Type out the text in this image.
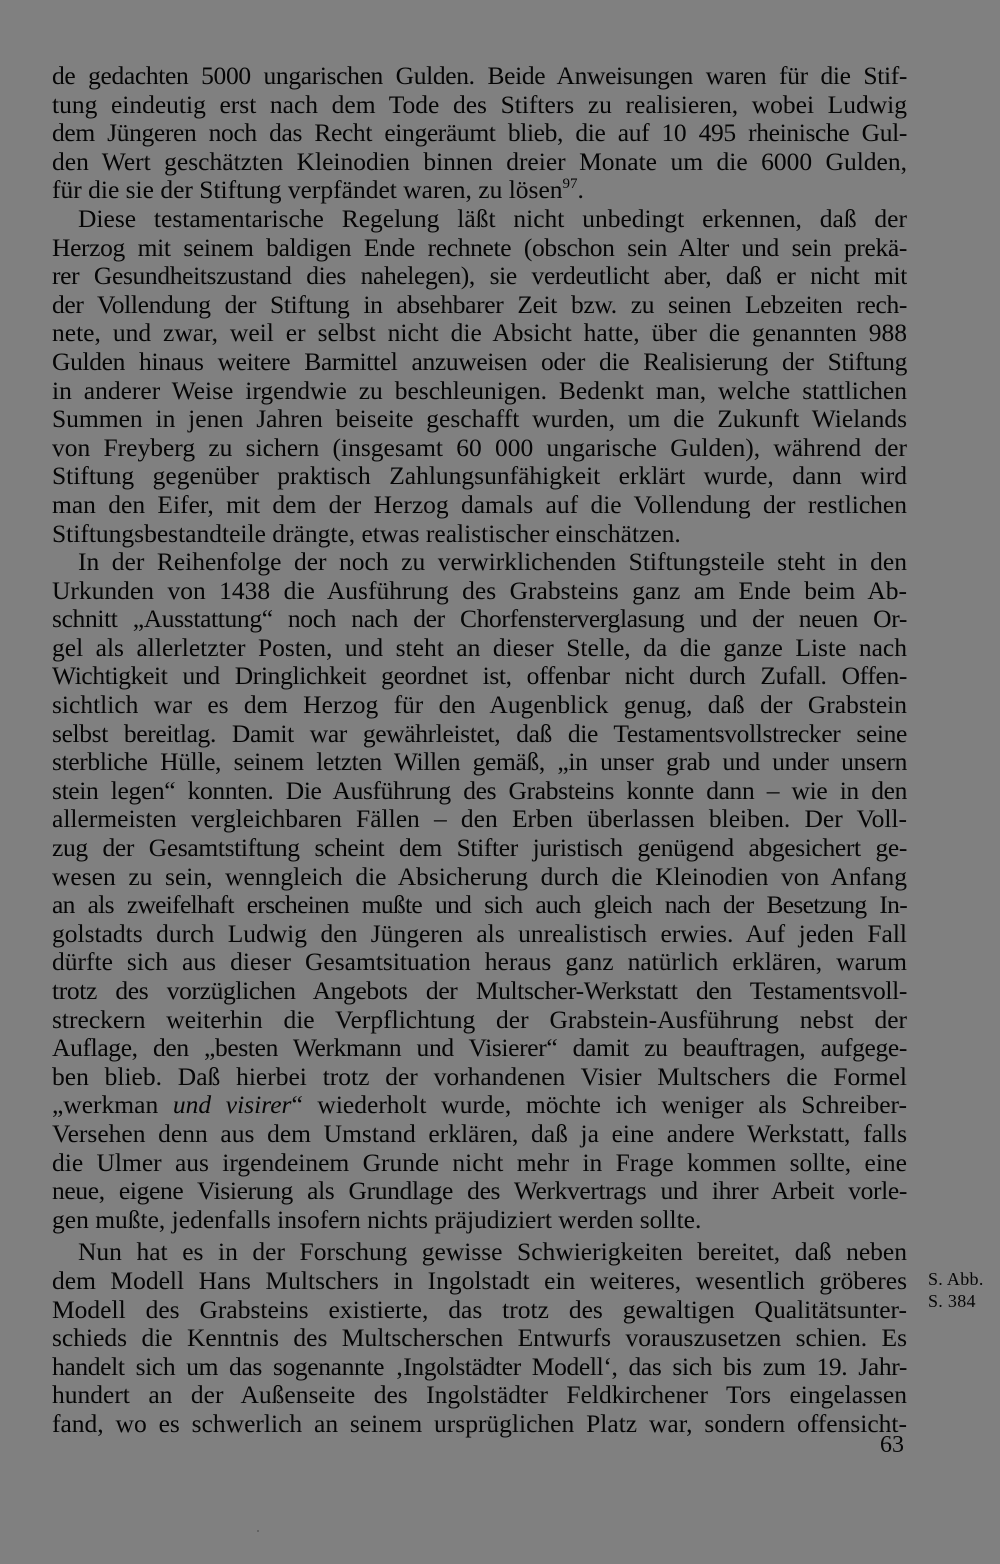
de gedachten 5000 ungarischen Gulden. Beide Anweisungen waren für die Stif-
tung eindeutig erst nach dem Tode des Stifters zu realisieren, wobei Ludwig
dem Jüngeren noch das Recht eingeräumt blieb, die auf 10 495 rheinische Gul-
den Wert geschätzten Kleinodien binnen dreier Monate um die 6000 Gulden,
für die sie der Stiftung verpfändet waren, zu lösen$^{97}$.
Diese testamentarische Regelung läßt nicht unbedingt erkennen, daß der
Herzog mit seinem baldigen Ende rechnete (obschon sein Alter und sein prekä-
rer Gesundheitszustand dies nahelegen), sie verdeutlicht aber, daß er nicht mit
der Vollendung der Stiftung in absehbarer Zeit bzw. zu seinen Lebzeiten rech-
nete, und zwar, weil er selbst nicht die Absicht hatte, über die genannten 988
Gulden hinaus weitere Barmittel anzuweisen oder die Realisierung der Stiftung
in anderer Weise irgendwie zu beschleunigen. Bedenkt man, welche stattlichen
Summen in jenen Jahren beiseite geschafft wurden, um die Zukunft Wielands
von Freyberg zu sichern (insgesamt 60 000 ungarische Gulden), während der
Stiftung gegenüber praktisch Zahlungsunfähigkeit erklärt wurde, dann wird
man den Eifer, mit dem der Herzog damals auf die Vollendung der restlichen
Stiftungsbestandteile drängte, etwas realistischer einschätzen.
In der Reihenfolge der noch zu verwirklichenden Stiftungsteile steht in den
Urkunden von 1438 die Ausführung des Grabsteins ganz am Ende beim Ab-
schnitt „Ausstattung“ noch nach der Chorfensterverglasung und der neuen Or-
gel als allerletzter Posten, und steht an dieser Stelle, da die ganze Liste nach
Wichtigkeit und Dringlichkeit geordnet ist, offenbar nicht durch Zufall. Offen-
sichtlich war es dem Herzog für den Augenblick genug, daß der Grabstein
selbst bereitlag. Damit war gewährleistet, daß die Testamentsvollstrecker seine
sterbliche Hülle, seinem letzten Willen gemäß, „in unser grab und under unsern
stein legen“ konnten. Die Ausführung des Grabsteins konnte dann – wie in den
allermeisten vergleichbaren Fällen – den Erben überlassen bleiben. Der Voll-
zug der Gesamtstiftung scheint dem Stifter juristisch genügend abgesichert ge-
wesen zu sein, wenngleich die Absicherung durch die Kleinodien von Anfang
an als zweifelhaft erscheinen mußte und sich auch gleich nach der Besetzung In-
golstadts durch Ludwig den Jüngeren als unrealistisch erwies. Auf jeden Fall
dürfte sich aus dieser Gesamtsituation heraus ganz natürlich erklären, warum
trotz des vorzüglichen Angebots der Multscher-Werkstatt den Testamentsvoll-
streckern weiterhin die Verpflichtung der Grabstein-Ausführung nebst der
Auflage, den „besten Werkmann und Visierer“ damit zu beauftragen, aufgege-
ben blieb. Daß hierbei trotz der vorhandenen Visier Multschers die Formel
„werkman und visirer“ wiederholt wurde, möchte ich weniger als Schreiber-
Versehen denn aus dem Umstand erklären, daß ja eine andere Werkstatt, falls
die Ulmer aus irgendeinem Grunde nicht mehr in Frage kommen sollte, eine
neue, eigene Visierung als Grundlage des Werkvertrags und ihrer Arbeit vorle-
gen mußte, jedenfalls insofern nichts präjudiziert werden sollte.
Nun hat es in der Forschung gewisse Schwierigkeiten bereitet, daß neben
dem Modell Hans Multschers in Ingolstadt ein weiteres, wesentlich gröberes
Modell des Grabsteins existierte, das trotz des gewaltigen Qualitätsunter-
schieds die Kenntnis des Multscherschen Entwurfs vorauszusetzen schien. Es
handelt sich um das sogenannte ‚Ingolstädter Modell‘, das sich bis zum 19. Jahr-
hundert an der Außenseite des Ingolstädter Feldkirchener Tors eingelassen
fand, wo es schwerlich an seinem ursprüglichen Platz war, sondern offensicht-
S. Abb.
S. 384
63
